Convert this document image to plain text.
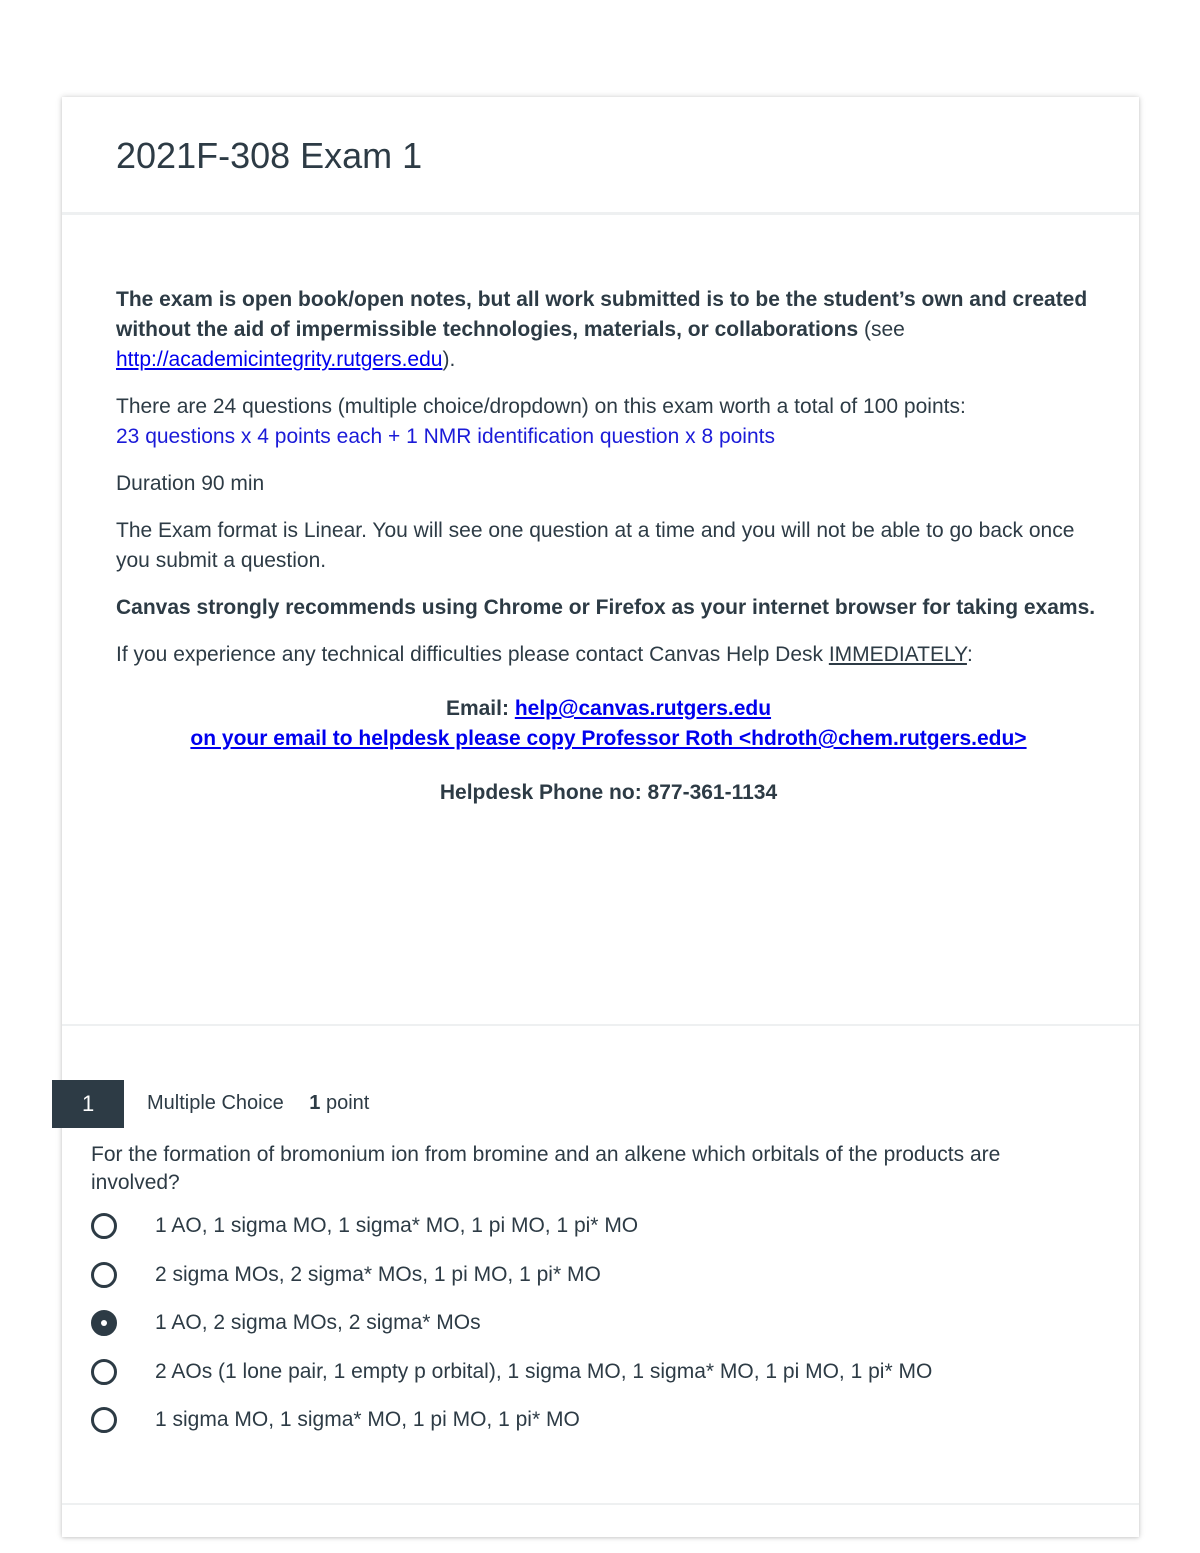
2021F-308 Exam 1

The exam is open book/open notes, but all work submitted is to be the student’s own and created without the aid of impermissible technologies, materials, or collaborations (see http://academicintegrity.rutgers.edu).

There are 24 questions (multiple choice/dropdown) on this exam worth a total of 100 points:
23 questions x 4 points each + 1 NMR identification question x 8 points

Duration 90 min

The Exam format is Linear. You will see one question at a time and you will not be able to go back once you submit a question.

Canvas strongly recommends using Chrome or Firefox as your internet browser for taking exams.

If you experience any technical difficulties please contact Canvas Help Desk IMMEDIATELY:

Email: help@canvas.rutgers.edu
on your email to helpdesk please copy Professor Roth <hdroth@chem.rutgers.edu>
Helpdesk Phone no: 877-361-1134
1	Multiple Choice 1 point
For the formation of bromonium ion from bromine and an alkene which orbitals of the products are involved?
1 AO, 1 sigma MO, 1 sigma* MO, 1 pi MO, 1 pi* MO
2 sigma MOs, 2 sigma* MOs, 1 pi MO, 1 pi* MO
1 AO, 2 sigma MOs, 2 sigma* MOs
2 AOs (1 lone pair, 1 empty p orbital), 1 sigma MO, 1 sigma* MO, 1 pi MO, 1 pi* MO
1 sigma MO, 1 sigma* MO, 1 pi MO, 1 pi* MO
